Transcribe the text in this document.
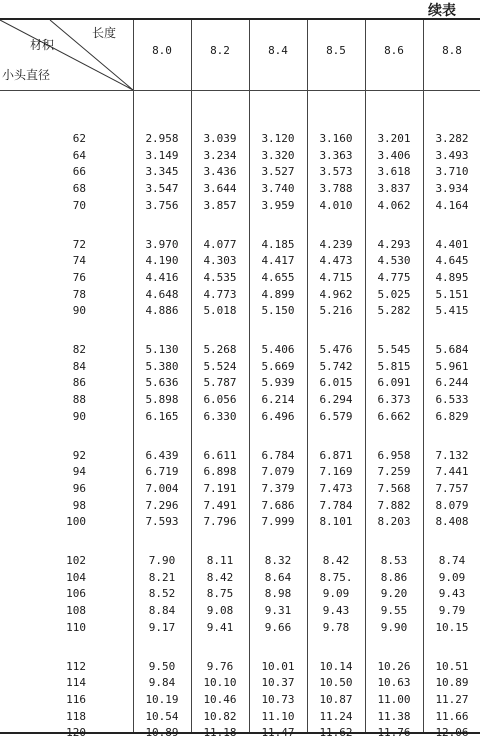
续表
长度
材积
小头直径
8.0	8.2	8.4	8.5	8.6	8.8
62	2.958	3.039	3.120	3.160	3.201	3.282
64	3.149	3.234	3.320	3.363	3.406	3.493
66	3.345	3.436	3.527	3.573	3.618	3.710
68	3.547	3.644	3.740	3.788	3.837	3.934
70	3.756	3.857	3.959	4.010	4.062	4.164
72	3.970	4.077	4.185	4.239	4.293	4.401
74	4.190	4.303	4.417	4.473	4.530	4.645
76	4.416	4.535	4.655	4.715	4.775	4.895
78	4.648	4.773	4.899	4.962	5.025	5.151
90	4.886	5.018	5.150	5.216	5.282	5.415
82	5.130	5.268	5.406	5.476	5.545	5.684
84	5.380	5.524	5.669	5.742	5.815	5.961
86	5.636	5.787	5.939	6.015	6.091	6.244
88	5.898	6.056	6.214	6.294	6.373	6.533
90	6.165	6.330	6.496	6.579	6.662	6.829
92	6.439	6.611	6.784	6.871	6.958	7.132
94	6.719	6.898	7.079	7.169	7.259	7.441
96	7.004	7.191	7.379	7.473	7.568	7.757
98	7.296	7.491	7.686	7.784	7.882	8.079
100	7.593	7.796	7.999	8.101	8.203	8.408
102	7.90	8.11	8.32	8.42	8.53	8.74
104	8.21	8.42	8.64	8.75.	8.86	9.09
106	8.52	8.75	8.98	9.09	9.20	9.43
108	8.84	9.08	9.31	9.43	9.55	9.79
110	9.17	9.41	9.66	9.78	9.90	10.15
112	9.50	9.76	10.01	10.14	10.26	10.51
114	9.84	10.10	10.37	10.50	10.63	10.89
116	10.19	10.46	10.73	10.87	11.00	11.27
118	10.54	10.82	11.10	11.24	11.38	11.66
120	10.89	11.18	11.47	11.62	11.76	12.06
